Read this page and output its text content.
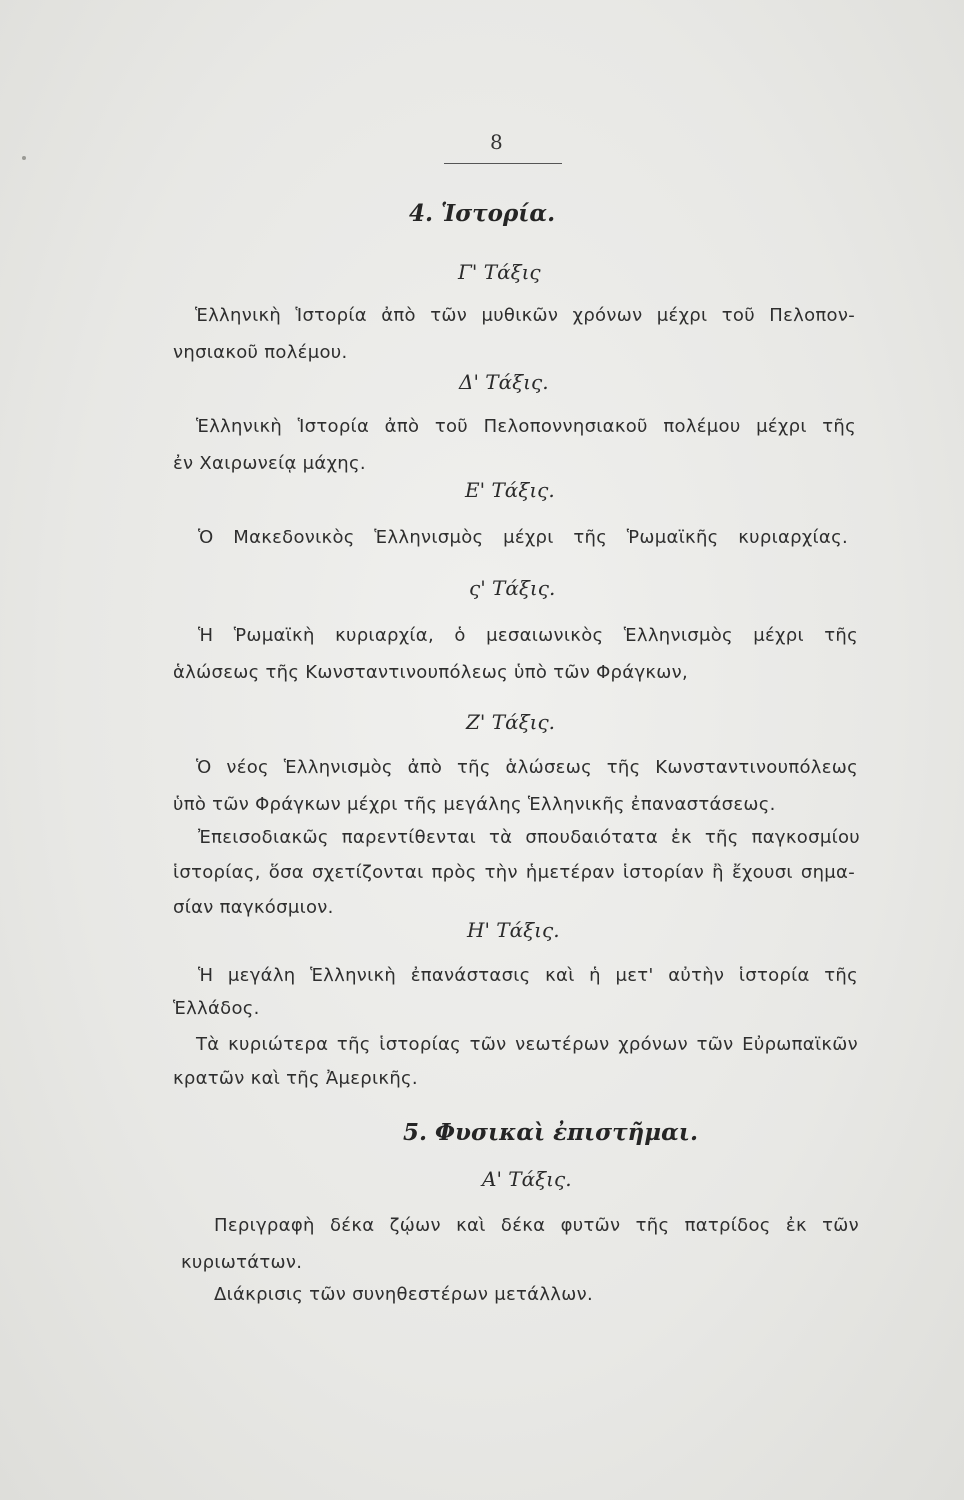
8
4. Ἱστορία.
Γ' Τάξις
Ἑλληνικὴ Ἱστορία ἀπὸ τῶν μυθικῶν χρόνων μέχρι τοῦ Πελοπον-
νησιακοῦ πολέμου.
Δ' Τάξις.
Ἑλληνικὴ Ἱστορία ἀπὸ τοῦ Πελοποννησιακοῦ πολέμου μέχρι τῆς
ἐν Χαιρωνείᾳ μάχης.
Ε' Τάξις.
Ὁ Μακεδονικὸς Ἑλληνισμὸς μέχρι τῆς Ῥωμαϊκῆς κυριαρχίας.
ς' Τάξις.
Ἡ Ῥωμαϊκὴ κυριαρχία, ὁ μεσαιωνικὸς Ἑλληνισμὸς μέχρι τῆς
ἁλώσεως τῆς Κωνσταντινουπόλεως ὑπὸ τῶν Φράγκων,
Ζ' Τάξις.
Ὁ νέος Ἑλληνισμὸς ἀπὸ τῆς ἁλώσεως τῆς Κωνσταντινουπόλεως
ὑπὸ τῶν Φράγκων μέχρι τῆς μεγάλης Ἑλληνικῆς ἐπαναστάσεως.
Ἐπεισοδιακῶς παρεντίθενται τὰ σπουδαιότατα ἐκ τῆς παγκοσμίου
ἱστορίας, ὅσα σχετίζονται πρὸς τὴν ἡμετέραν ἱστορίαν ἢ ἔχουσι σημα-
σίαν παγκόσμιον.
Η' Τάξις.
Ἡ μεγάλη Ἑλληνικὴ ἐπανάστασις καὶ ἡ μετ' αὐτὴν ἱστορία τῆς
Ἑλλάδος.
Τὰ κυριώτερα τῆς ἱστορίας τῶν νεωτέρων χρόνων τῶν Εὐρωπαϊκῶν
κρατῶν καὶ τῆς Ἀμερικῆς.
5. Φυσικαὶ ἐπιστῆμαι.
Α' Τάξις.
Περιγραφὴ δέκα ζῴων καὶ δέκα φυτῶν τῆς πατρίδος ἐκ τῶν
κυριωτάτων.
Διάκρισις τῶν συνηθεστέρων μετάλλων.
